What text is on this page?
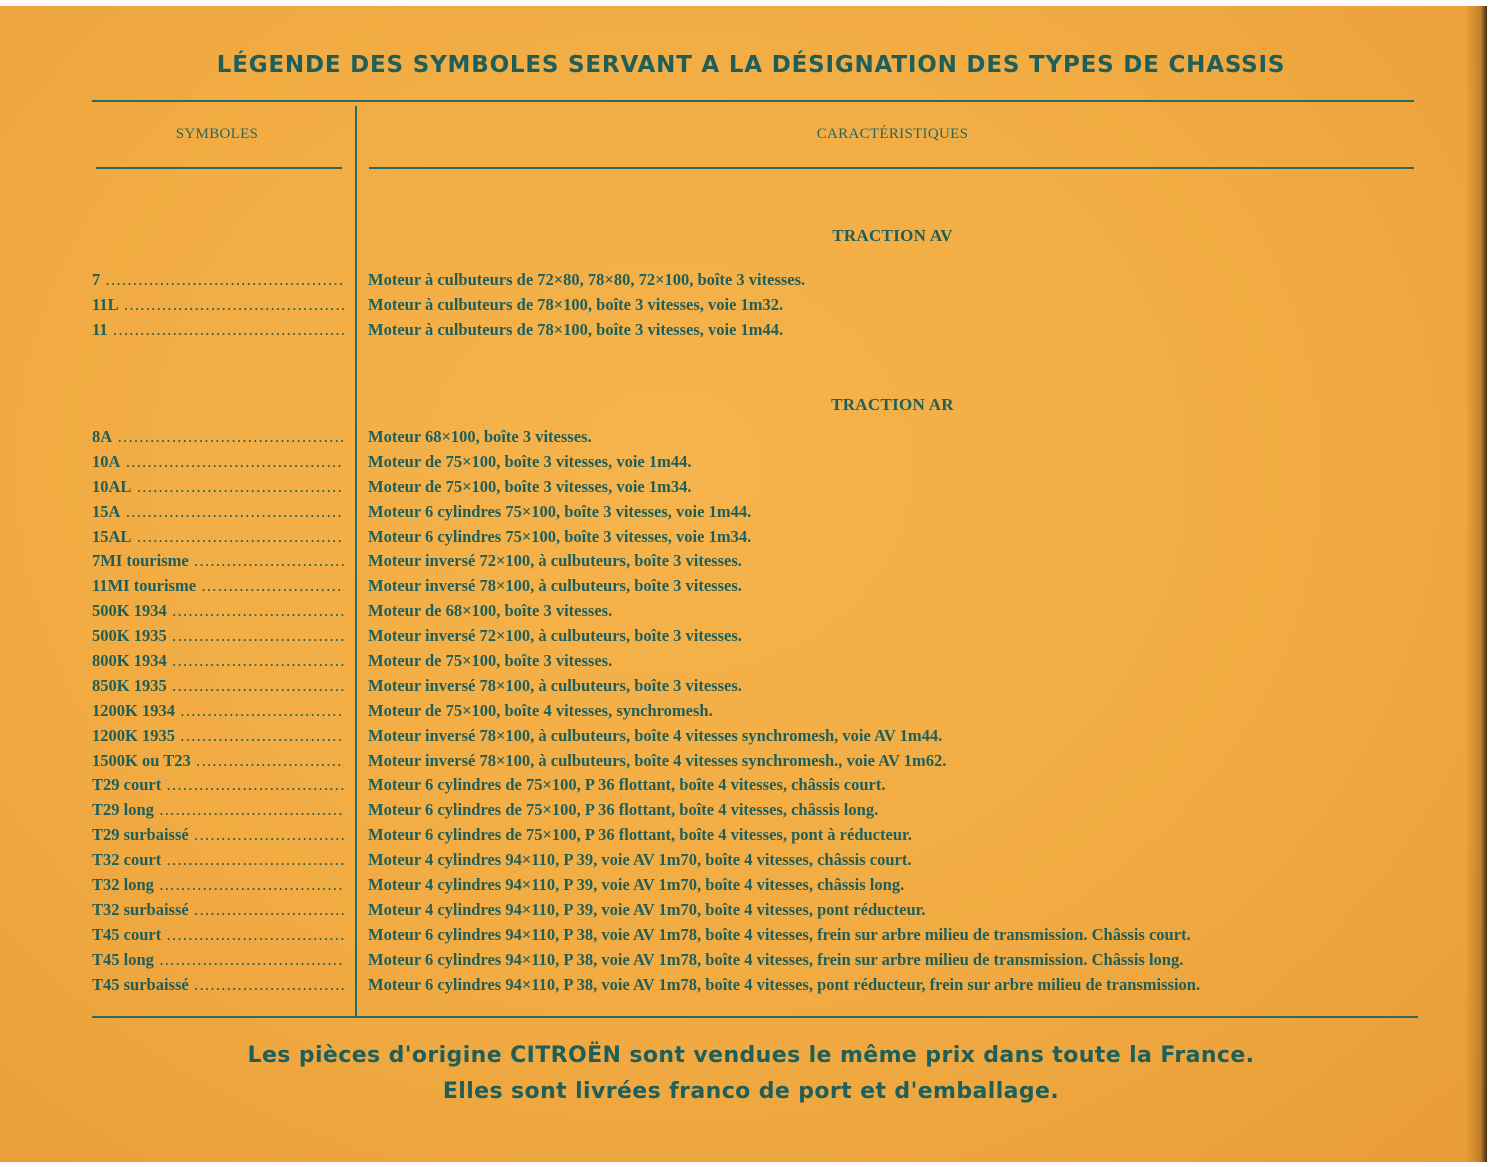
LÉGENDE DES SYMBOLES SERVANT A LA DÉSIGNATION DES TYPES DE CHASSIS
SYMBOLES	CARACTÉRISTIQUES
TRACTION AV
7 .....	Moteur à culbuteurs de 72×80, 78×80, 72×100, boîte 3 vitesses.
11L .....	Moteur à culbuteurs de 78×100, boîte 3 vitesses, voie 1m32.
11 .....	Moteur à culbuteurs de 78×100, boîte 3 vitesses, voie 1m44.
TRACTION AR
8A .....	Moteur 68×100, boîte 3 vitesses.
10A .....	Moteur de 75×100, boîte 3 vitesses, voie 1m44.
10AL .....	Moteur de 75×100, boîte 3 vitesses, voie 1m34.
15A .....	Moteur 6 cylindres 75×100, boîte 3 vitesses, voie 1m44.
15AL .....	Moteur 6 cylindres 75×100, boîte 3 vitesses, voie 1m34.
7MI tourisme .....	Moteur inversé 72×100, à culbuteurs, boîte 3 vitesses.
11MI tourisme .....	Moteur inversé 78×100, à culbuteurs, boîte 3 vitesses.
500K 1934 .....	Moteur de 68×100, boîte 3 vitesses.
500K 1935 .....	Moteur inversé 72×100, à culbuteurs, boîte 3 vitesses.
800K 1934 .....	Moteur de 75×100, boîte 3 vitesses.
850K 1935 .....	Moteur inversé 78×100, à culbuteurs, boîte 3 vitesses.
1200K 1934 .....	Moteur de 75×100, boîte 4 vitesses, synchromesh.
1200K 1935 .....	Moteur inversé 78×100, à culbuteurs, boîte 4 vitesses synchromesh, voie AV 1m44.
1500K ou T23 .....	Moteur inversé 78×100, à culbuteurs, boîte 4 vitesses synchromesh., voie AV 1m62.
T29 court .....	Moteur 6 cylindres de 75×100, P 36 flottant, boîte 4 vitesses, châssis court.
T29 long .....	Moteur 6 cylindres de 75×100, P 36 flottant, boîte 4 vitesses, châssis long.
T29 surbaissé .....	Moteur 6 cylindres de 75×100, P 36 flottant, boîte 4 vitesses, pont à réducteur.
T32 court .....	Moteur 4 cylindres 94×110, P 39, voie AV 1m70, boîte 4 vitesses, châssis court.
T32 long .....	Moteur 4 cylindres 94×110, P 39, voie AV 1m70, boîte 4 vitesses, châssis long.
T32 surbaissé .....	Moteur 4 cylindres 94×110, P 39, voie AV 1m70, boîte 4 vitesses, pont réducteur.
T45 court .....	Moteur 6 cylindres 94×110, P 38, voie AV 1m78, boîte 4 vitesses, frein sur arbre milieu de transmission. Châssis court.
T45 long .....	Moteur 6 cylindres 94×110, P 38, voie AV 1m78, boîte 4 vitesses, frein sur arbre milieu de transmission. Châssis long.
T45 surbaissé .....	Moteur 6 cylindres 94×110, P 38, voie AV 1m78, boîte 4 vitesses, pont réducteur, frein sur arbre milieu de transmission.
Les pièces d'origine CITROËN sont vendues le même prix dans toute la France.
Elles sont livrées franco de port et d'emballage.
